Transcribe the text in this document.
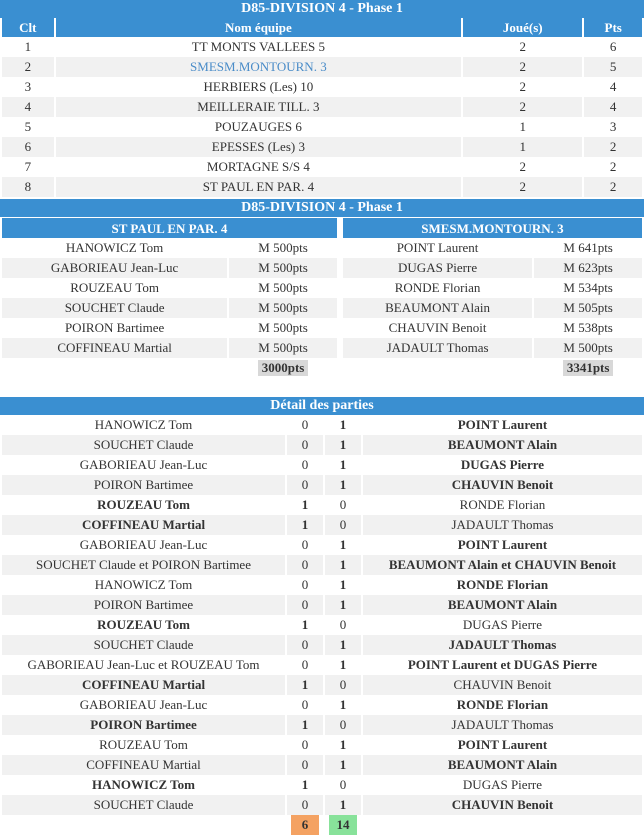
D85-DIVISION 4 - Phase 1
Clt	Nom équipe	Joué(s)	Pts
1	TT MONTS VALLEES 5	2	6
2	SMESM.MONTOURN. 3	2	5
3	HERBIERS (Les) 10	2	4
4	MEILLERAIE TILL. 3	2	4
5	POUZAUGES 6	1	3
6	EPESSES (Les) 3	1	2
7	MORTAGNE S/S 4	2	2
8	ST PAUL EN PAR. 4	2	2
D85-DIVISION 4 - Phase 1
ST PAUL EN PAR. 4			SMESM.MONTOURN. 3	
HANOWICZ Tom	M 500pts		POINT Laurent	M 641pts
GABORIEAU Jean-Luc	M 500pts		DUGAS Pierre	M 623pts
ROUZEAU Tom	M 500pts		RONDE Florian	M 534pts
SOUCHET Claude	M 500pts		BEAUMONT Alain	M 505pts
POIRON Bartimee	M 500pts		CHAUVIN Benoit	M 538pts
COFFINEAU Martial	M 500pts		JADAULT Thomas	M 500pts
	3000pts			3341pts
Détail des parties
HANOWICZ Tom	0	1	POINT Laurent
SOUCHET Claude	0	1	BEAUMONT Alain
GABORIEAU Jean-Luc	0	1	DUGAS Pierre
POIRON Bartimee	0	1	CHAUVIN Benoit
ROUZEAU Tom	1	0	RONDE Florian
COFFINEAU Martial	1	0	JADAULT Thomas
GABORIEAU Jean-Luc	0	1	POINT Laurent
SOUCHET Claude et POIRON Bartimee	0	1	BEAUMONT Alain et CHAUVIN Benoit
HANOWICZ Tom	0	1	RONDE Florian
POIRON Bartimee	0	1	BEAUMONT Alain
ROUZEAU Tom	1	0	DUGAS Pierre
SOUCHET Claude	0	1	JADAULT Thomas
GABORIEAU Jean-Luc et ROUZEAU Tom	0	1	POINT Laurent et DUGAS Pierre
COFFINEAU Martial	1	0	CHAUVIN Benoit
GABORIEAU Jean-Luc	0	1	RONDE Florian
POIRON Bartimee	1	0	JADAULT Thomas
ROUZEAU Tom	0	1	POINT Laurent
COFFINEAU Martial	0	1	BEAUMONT Alain
HANOWICZ Tom	1	0	DUGAS Pierre
SOUCHET Claude	0	1	CHAUVIN Benoit
	6	14	
